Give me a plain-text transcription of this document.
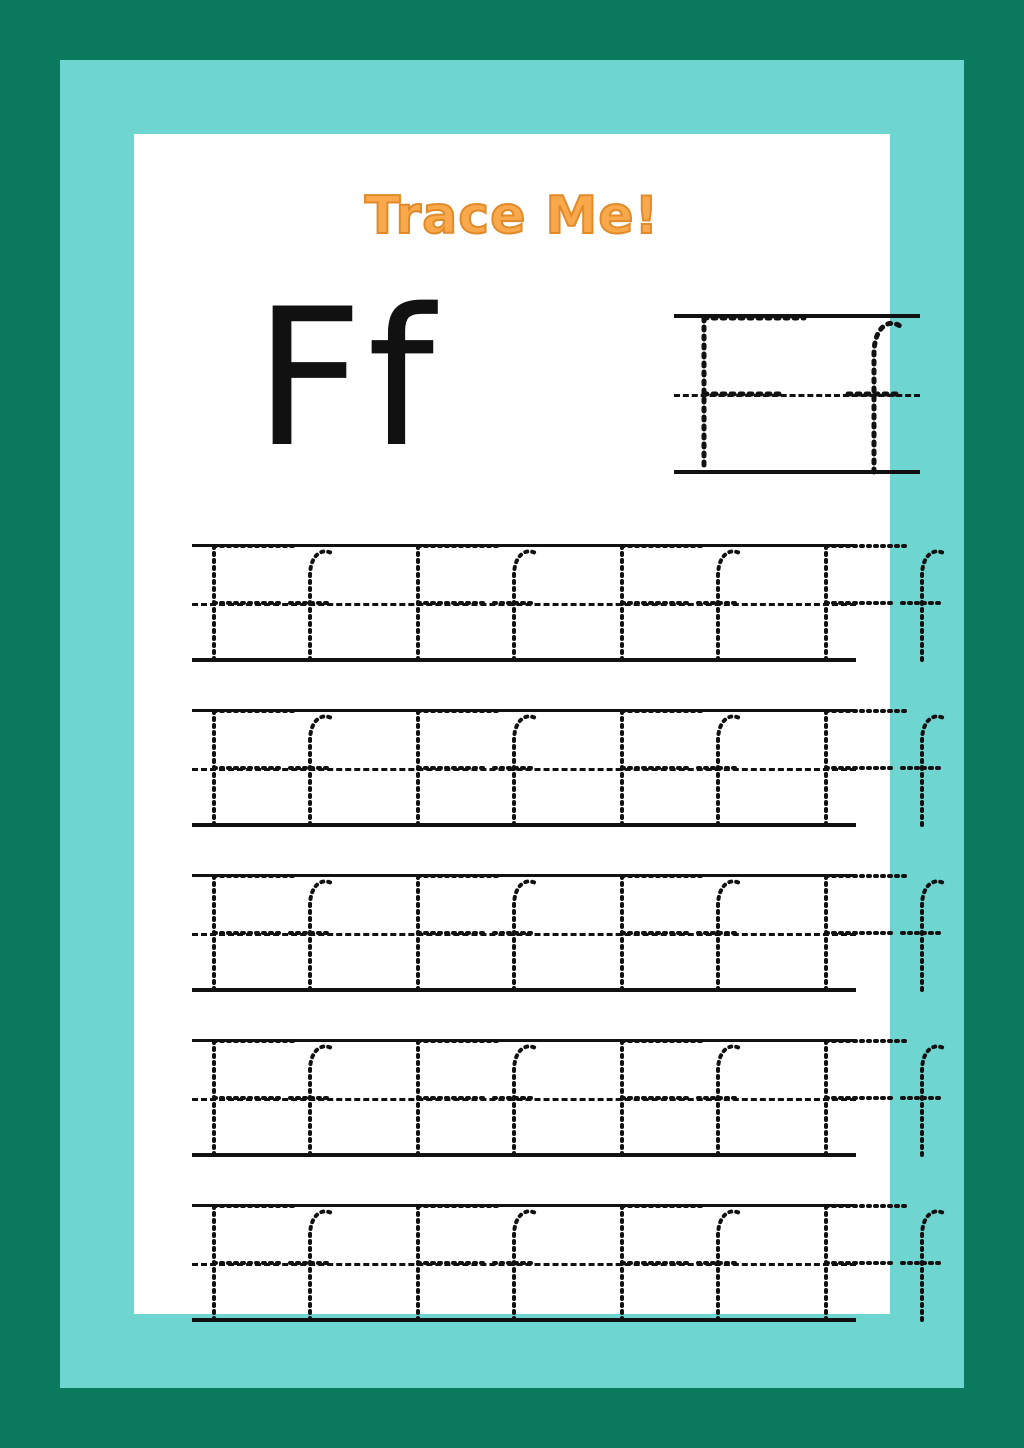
Trace Me!
Ff
